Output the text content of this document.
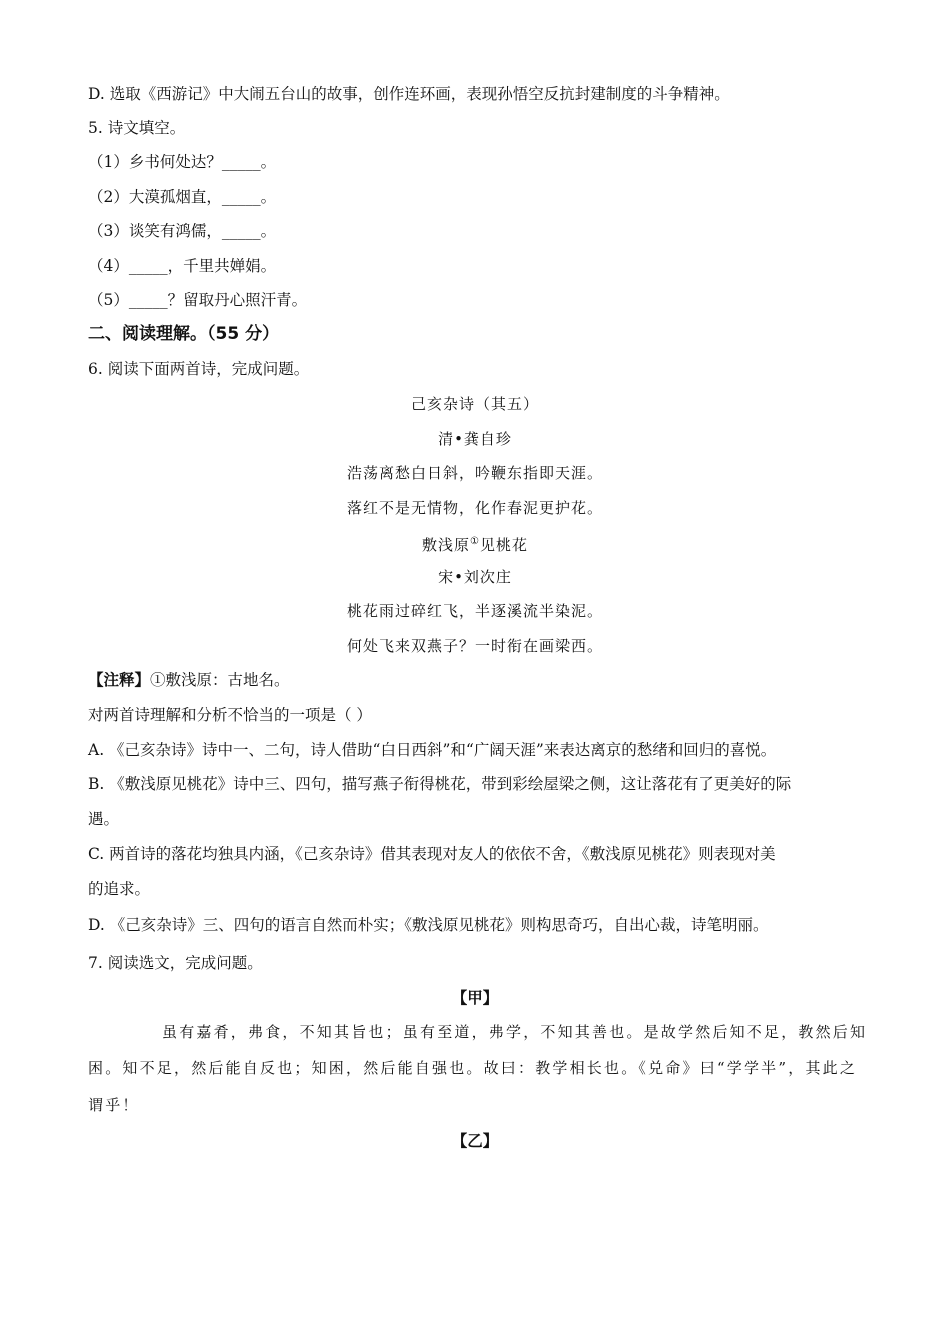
D. 选取《西游记》中大闹五台山的故事，创作连环画，表现孙悟空反抗封建制度的斗争精神。
5. 诗文填空。
（1）乡书何处达？_____。
（2）大漠孤烟直，_____。
（3）谈笑有鸿儒，_____。
（4）_____，千里共婵娟。
（5）_____？留取丹心照汗青。
二、阅读理解。（55 分）
6. 阅读下面两首诗，完成问题。
己亥杂诗（其五）
清•龚自珍
浩荡离愁白日斜，吟鞭东指即天涯。
落红不是无情物，化作春泥更护花。
敷浅原①见桃花
宋•刘次庄
桃花雨过碎红飞，半逐溪流半染泥。
何处飞来双燕子？一时衔在画梁西。
【注释】①敷浅原：古地名。
对两首诗理解和分析不恰当的一项是（ ）
A. 《己亥杂诗》诗中一、二句，诗人借助“白日西斜”和“广阔天涯”来表达离京的愁绪和回归的喜悦。
B. 《敷浅原见桃花》诗中三、四句，描写燕子衔得桃花，带到彩绘屋梁之侧，这让落花有了更美好的际
遇。
C. 两首诗的落花均独具内涵，《己亥杂诗》借其表现对友人的依依不舍，《敷浅原见桃花》则表现对美
的追求。
D. 《己亥杂诗》三、四句的语言自然而朴实；《敷浅原见桃花》则构思奇巧，自出心裁，诗笔明丽。
7. 阅读选文，完成问题。
【甲】
虽有嘉肴，弗食，不知其旨也；虽有至道，弗学，不知其善也。是故学然后知不足，教然后知
困。知不足，然后能自反也；知困，然后能自强也。故曰：教学相长也。《兑命》曰“学学半”，其此之
谓乎！
【乙】
